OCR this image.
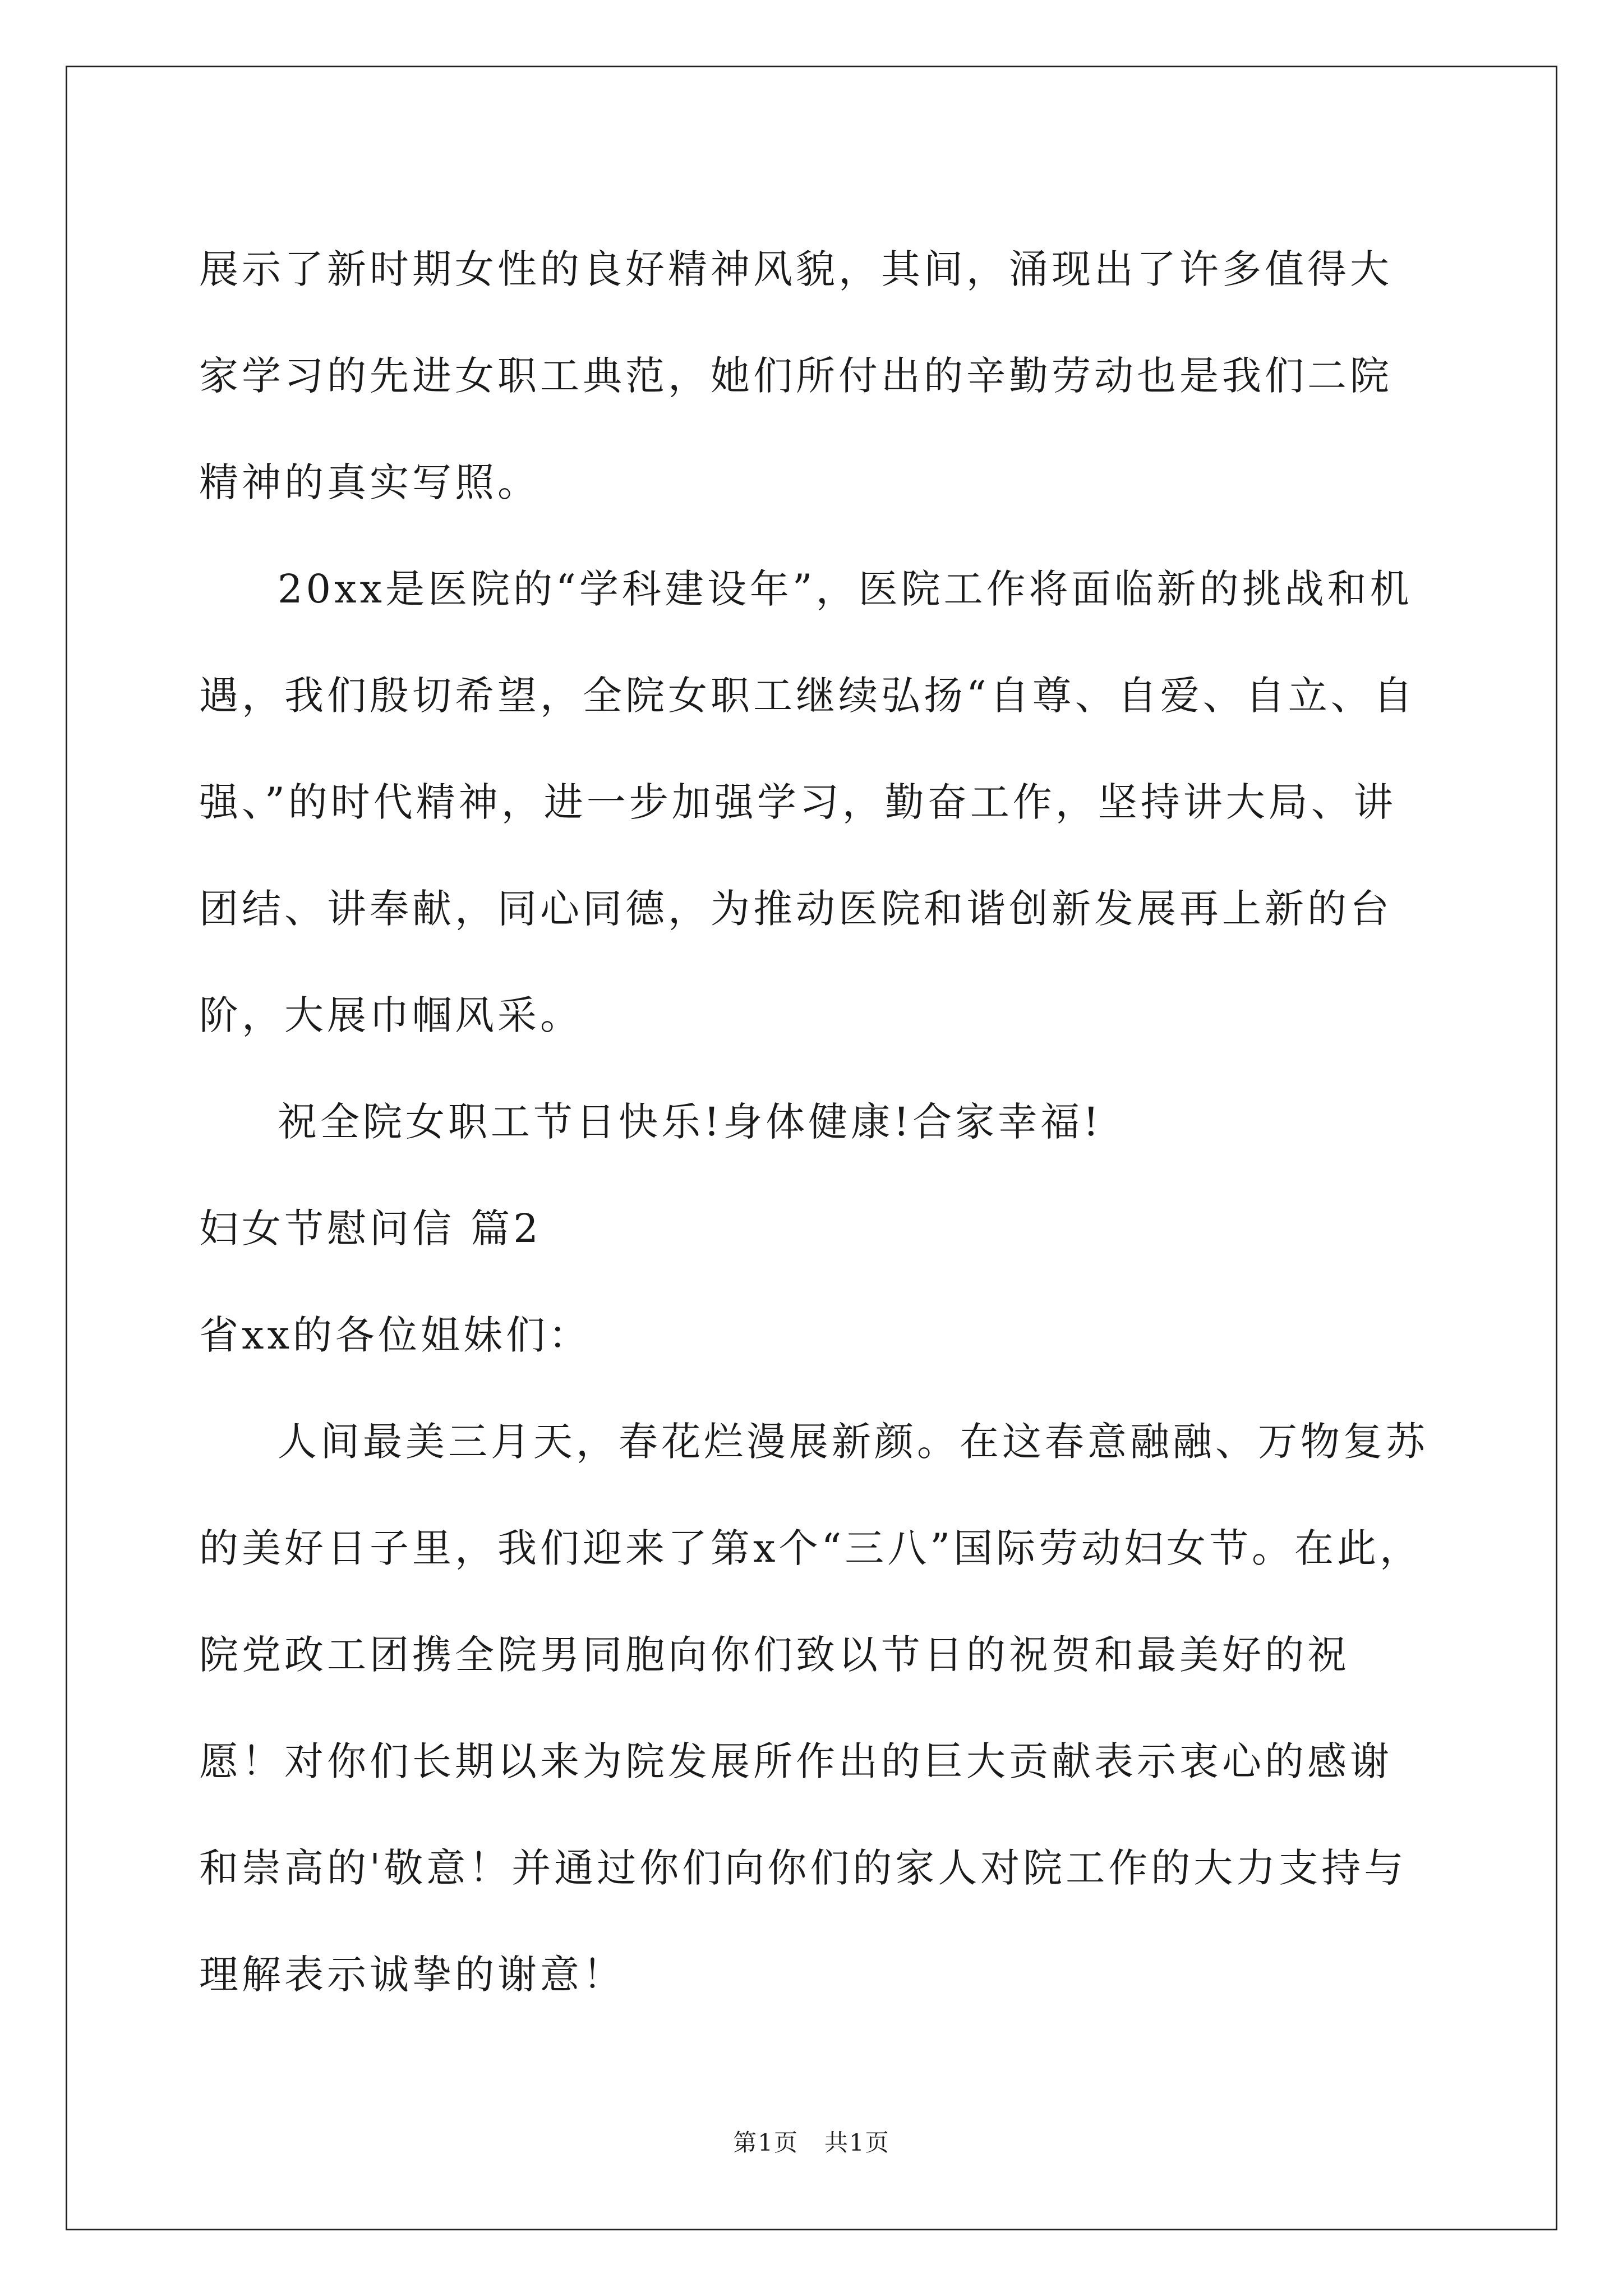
展示了新时期女性的良好精神风貌，其间，涌现出了许多值得大家学习的先进女职工典范，她们所付出的辛勤劳动也是我们二院精神的真实写照。

20xx是医院的“学科建设年”，医院工作将面临新的挑战和机遇，我们殷切希望，全院女职工继续弘扬“自尊、自爱、自立、自强、”的时代精神，进一步加强学习，勤奋工作，坚持讲大局、讲团结、讲奉献，同心同德，为推动医院和谐创新发展再上新的台阶，大展巾帼风采。

祝全院女职工节日快乐!身体健康!合家幸福!

妇女节慰问信 篇2

省xx的各位姐妹们：

人间最美三月天，春花烂漫展新颜。在这春意融融、万物复苏的美好日子里，我们迎来了第x个“三八”国际劳动妇女节。在此，院党政工团携全院男同胞向你们致以节日的祝贺和最美好的祝愿！对你们长期以来为院发展所作出的巨大贡献表示衷心的感谢和崇高的'敬意！并通过你们向你们的家人对院工作的大力支持与理解表示诚挚的谢意！

第1页 共1页
